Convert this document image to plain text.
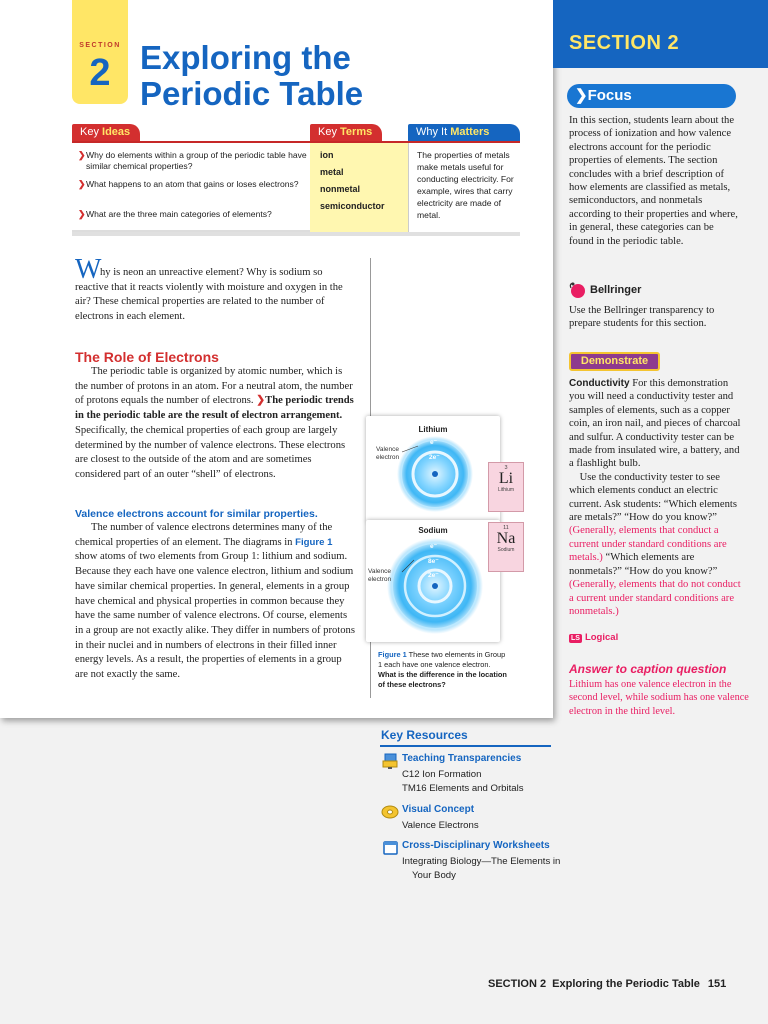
SECTION
2 Exploring the
Periodic Table
Key Ideas	Key Terms	Why It Matters
❯ Why do elements within a group of the periodic table have similar chemical properties?
❯ What happens to an atom that gains or loses electrons?
❯ What are the three main categories of elements?
ion
metal
nonmetal
semiconductor
The properties of metals make metals useful for conducting electricity. For example, wires that carry electricity are made of metal.
W

hy is neon an unreactive element? Why is sodium so reactive that it reacts violently with moisture and oxygen in the air? These chemical properties are related to the number of electrons in each element.

The Role of Electrons

The periodic table is organized by atomic number, which is the number of protons in an atom. For a neutral atom, the number of protons equals the number of electrons. ❯The periodic trends in the periodic table are the result of electron arrangement. Specifically, the chemical properties of each group are largely determined by the number of valence electrons. These electrons are closest to the outside of the atom and are sometimes considered part of an outer “shell” of electrons.

Valence electrons account for similar properties.

The number of valence electrons determines many of the chemical properties of an element. The diagrams in Figure 1 show atoms of two elements from Group 1: lithium and sodium. Because they each have one valence electron, lithium and sodium have similar chemical properties. In general, elements in a group have chemical and physical properties in common because they have the same number of valence electrons. Of course, elements in a group are not exactly alike. They differ in numbers of protons in their nuclei and in numbers of electrons in their filled inner energy levels. As a result, the properties of elements in a group are not exactly the same.

Lithium
Valence
electron
e⁻
2e⁻
3
Li
Lithium
Sodium
Valence
electron
e⁻
8e⁻
2e⁻
11
Na
Sodium
Figure 1 These two elements in Group 1 each have one valence electron. What is the difference in the location of these electrons?
SECTION 2
❯Focus

In this section, students learn about the process of ionization and how valence electrons account for the periodic properties of elements. The section concludes with a brief description of how elements are classified as metals, semiconductors, and nonmetals according to their properties and where, in general, these categories can be found in the periodic table.

Bellringer

Use the Bellringer transparency to prepare students for this section.

Demonstrate

Conductivity For this demonstration you will need a conductivity tester and samples of elements, such as a copper coin, an iron nail, and pieces of charcoal and sulfur. A conductivity tester can be made from insulated wire, a battery, and a flashlight bulb.
 Use the conductivity tester to see which elements conduct an electric current. Ask students: “Which elements are metals?” “How do you know?” (Generally, elements that conduct a current under standard conditions are metals.) “Which elements are nonmetals?” “How do you know?” (Generally, elements that do not conduct a current under standard conditions are nonmetals.)

LS Logical
Answer to caption question

Lithium has one valence electron in the second level, while sodium has one valence electron in the third level.

Key Resources
Teaching Transparencies
C12 Ion Formation
TM16 Elements and Orbitals
Visual Concept
Valence Electrons
Cross-Disciplinary Worksheets
Integrating Biology—The Elements in
Your Body
SECTION 2  Exploring the Periodic Table 151
